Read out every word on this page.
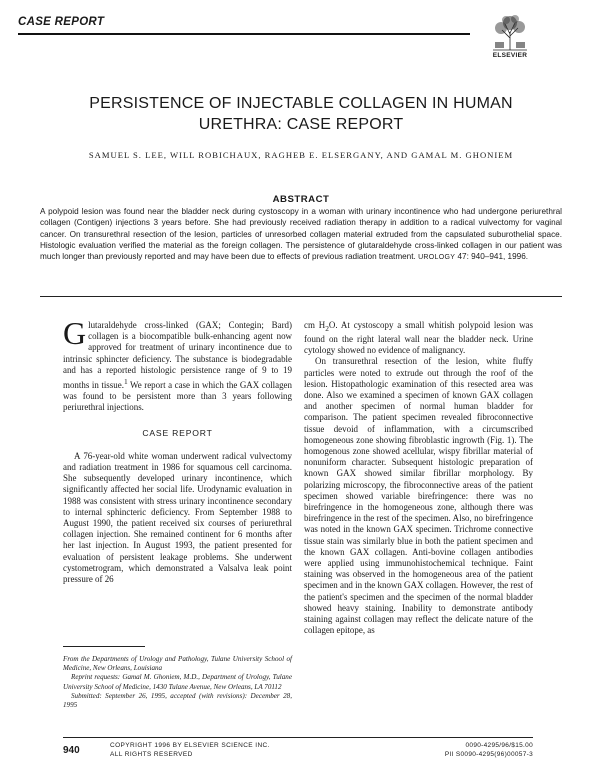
CASE REPORT
ELSEVIER
PERSISTENCE OF INJECTABLE COLLAGEN IN HUMAN
URETHRA: CASE REPORT
SAMUEL S. LEE, WILL ROBICHAUX, RAGHEB E. ELSERGANY, AND GAMAL M. GHONIEM
ABSTRACT
A polypoid lesion was found near the bladder neck during cystoscopy in a woman with urinary incontinence who had undergone periurethral collagen (Contigen) injections 3 years before. She had previously received radiation therapy in addition to a radical vulvectomy for vaginal cancer. On transurethral resection of the lesion, particles of unresorbed collagen material extruded from the capsulated suburothelial space. Histologic evaluation verified the material as the foreign collagen. The persistence of glutaraldehyde cross-linked collagen in our patient was much longer than previously reported and may have been due to effects of previous radiation treatment. UROLOGY 47: 940–941, 1996.

Glutaraldehyde cross-linked (GAX; Contegin; Bard) collagen is a biocompatible bulk-enhancing agent now approved for treatment of urinary incontinence due to intrinsic sphincter deficiency. The substance is biodegradable and has a reported histologic persistence range of 9 to 19 months in tissue.$^1$ We report a case in which the GAX collagen was found to be persistent more than 3 years following periurethral injections.

CASE REPORT

A 76-year-old white woman underwent radical vulvectomy and radiation treatment in 1986 for squamous cell carcinoma. She subsequently developed urinary incontinence, which significantly affected her social life. Urodynamic evaluation in 1988 was consistent with stress urinary incontinence secondary to internal sphincteric deficiency. From September 1988 to August 1990, the patient received six courses of periurethral collagen injection. She remained continent for 6 months after her last injection. In August 1993, the patient presented for evaluation of persistent leakage problems. She underwent cystometrogram, which demonstrated a Valsalva leak point pressure of 26

cm $H_2O$. At cystoscopy a small whitish polypoid lesion was found on the right lateral wall near the bladder neck. Urine cytology showed no evidence of malignancy.

On transurethral resection of the lesion, white fluffy particles were noted to extrude out through the roof of the lesion. Histopathologic examination of this resected area was done. Also we examined a specimen of known GAX collagen and another specimen of normal human bladder for comparison. The patient specimen revealed fibroconnective tissue devoid of inflammation, with a circumscribed homogeneous zone showing fibroblastic ingrowth (Fig. 1). The homogenous zone showed acellular, wispy fibrillar material of nonuniform character. Subsequent histologic preparation of known GAX showed similar fibrillar morphology. By polarizing microscopy, the fibroconnective areas of the patient specimen showed variable birefringence: there was no birefringence in the homogeneous zone, although there was birefringence in the rest of the specimen. Also, no birefringence was noted in the known GAX specimen. Trichrome connective tissue stain was similarly blue in both the patient specimen and the known GAX collagen. Anti-bovine collagen antibodies were applied using immunohistochemical technique. Faint staining was observed in the homogeneous area of the patient specimen and in the known GAX collagen. However, the rest of the patient's specimen and the specimen of the normal bladder showed heavy staining. Inability to demonstrate antibody staining against collagen may reflect the delicate nature of the collagen epitope, as

From the Departments of Urology and Pathology, Tulane University School of Medicine, New Orleans, Louisiana

Reprint requests: Gamal M. Ghoniem, M.D., Department of Urology, Tulane University School of Medicine, 1430 Tulane Avenue, New Orleans, LA 70112

Submitted: September 26, 1995, accepted (with revisions): December 28, 1995

940	COPYRIGHT 1996 BY ELSEVIER SCIENCE INC.
ALL RIGHTS RESERVED
0090-4295/96/$15.00
PII S0090-4295(96)00057-3
